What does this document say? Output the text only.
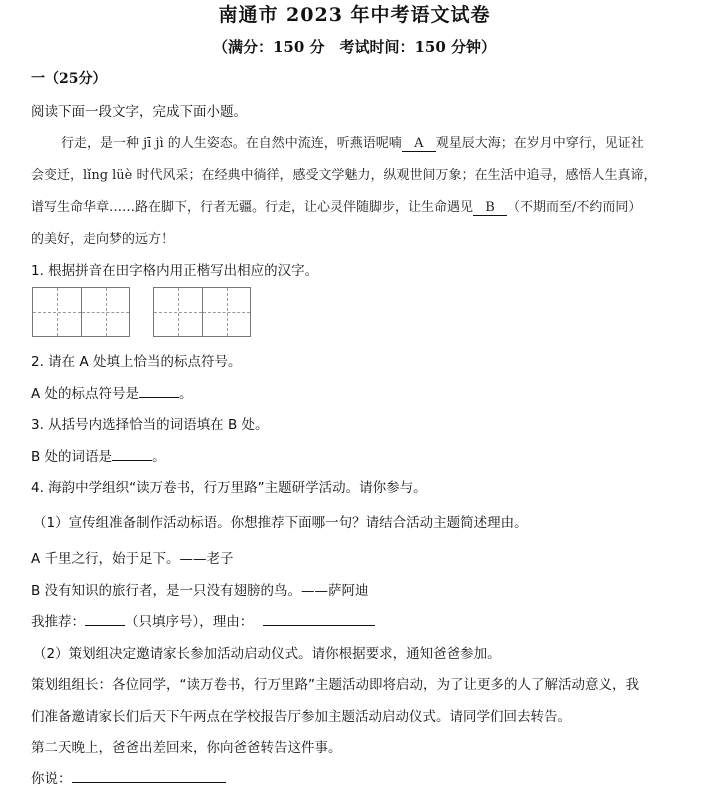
南通市 2023 年中考语文试卷
（满分：150 分　考试时间：150 分钟）
一（25分）
阅读下面一段文字，完成下面小题。
行走，是一种 jī jì 的人生姿态。在自然中流连，听燕语呢喃 A 观星辰大海；在岁月中穿行，见证社
会变迁，lǐng lüè 时代风采；在经典中徜徉，感受文学魅力，纵观世间万象；在生活中追寻，感悟人生真谛，
谱写生命华章……路在脚下，行者无疆。行走，让心灵伴随脚步，让生命遇见 B （不期而至/不约而同）
的美好，走向梦的远方！
1. 根据拼音在田字格内用正楷写出相应的汉字。
2. 请在 A 处填上恰当的标点符号。
A 处的标点符号是	。
3. 从括号内选择恰当的词语填在 B 处。
B 处的词语是	。
4. 海韵中学组织“读万卷书，行万里路”主题研学活动。请你参与。
（1）宣传组准备制作活动标语。你想推荐下面哪一句？请结合活动主题简述理由。
A 千里之行，始于足下。——老子
B 没有知识的旅行者，是一只没有翅膀的鸟。——萨阿迪
我推荐：	（只填序号），理由：
（2）策划组决定邀请家长参加活动启动仪式。请你根据要求，通知爸爸参加。
策划组组长：各位同学，“读万卷书，行万里路”主题活动即将启动，为了让更多的人了解活动意义，我
们准备邀请家长们后天下午两点在学校报告厅参加主题活动启动仪式。请同学们回去转告。
第二天晚上，爸爸出差回来，你向爸爸转告这件事。
你说：
